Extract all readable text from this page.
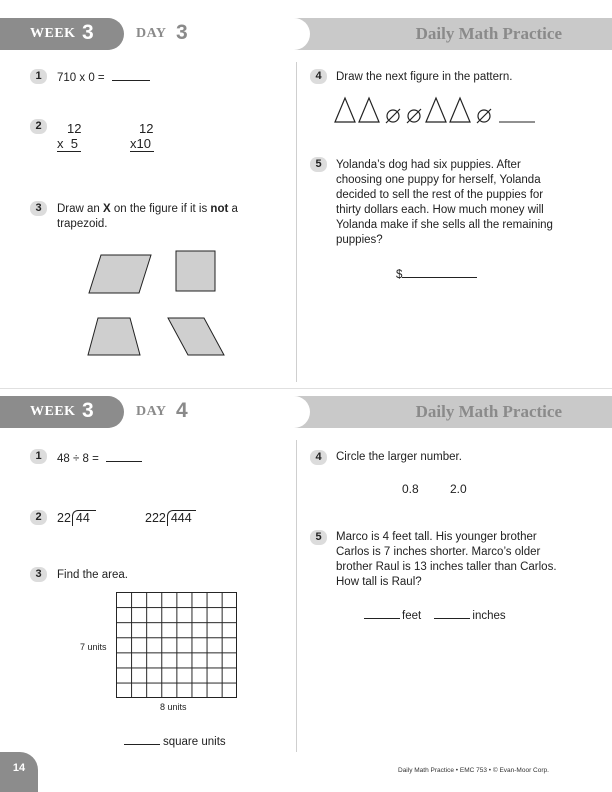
WEEK 3	DAY 3	Daily Math Practice
1	710 x 0 =
2	12
x  5
12
x10
3	Draw an X on the figure if it is not a
trapezoid.
4	Draw the next figure in the pattern.
5	Yolanda’s dog had six puppies. After
choosing one puppy for herself, Yolanda
decided to sell the rest of the puppies for
thirty dollars each. How much money will
Yolanda make if she sells all the remaining
puppies?
$
WEEK 3	DAY 4	Daily Math Practice
1	48 ÷ 8 =
2	22 44	222 444
3	Find the area.
7 units
8 units
square units
4	Circle the larger number.
0.8	2.0
5	Marco is 4 feet tall. His younger brother
Carlos is 7 inches shorter. Marco’s older
brother Raul is 13 inches taller than Carlos.
How tall is Raul?
feet	inches
14	Daily Math Practice • EMC 753 • © Evan-Moor Corp.
